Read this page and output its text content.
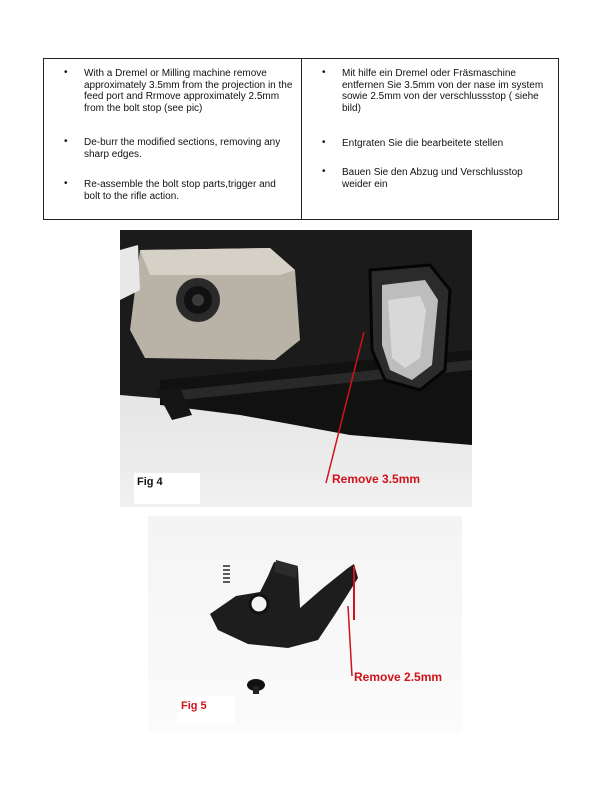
• With a Dremel or Milling machine remove approximately 3.5mm from the projection in the feed port and Rrmove approximately 2.5mm from the bolt stop (see pic)
• De-burr the modified sections, removing any sharp edges.
• Re-assemble the bolt stop parts,trigger and bolt to the rifle action.
• Mit hilfe ein Dremel oder Fräsmaschine entfernen Sie 3.5mm von der nase im system sowie 2.5mm von der verschlussstop ( siehe bild)
• Entgraten Sie die bearbeitete stellen
• Bauen Sie den Abzug und Verschlusstop weider ein
Fig 4	Remove 3.5mm
Remove 2.5mm
Fig 5
